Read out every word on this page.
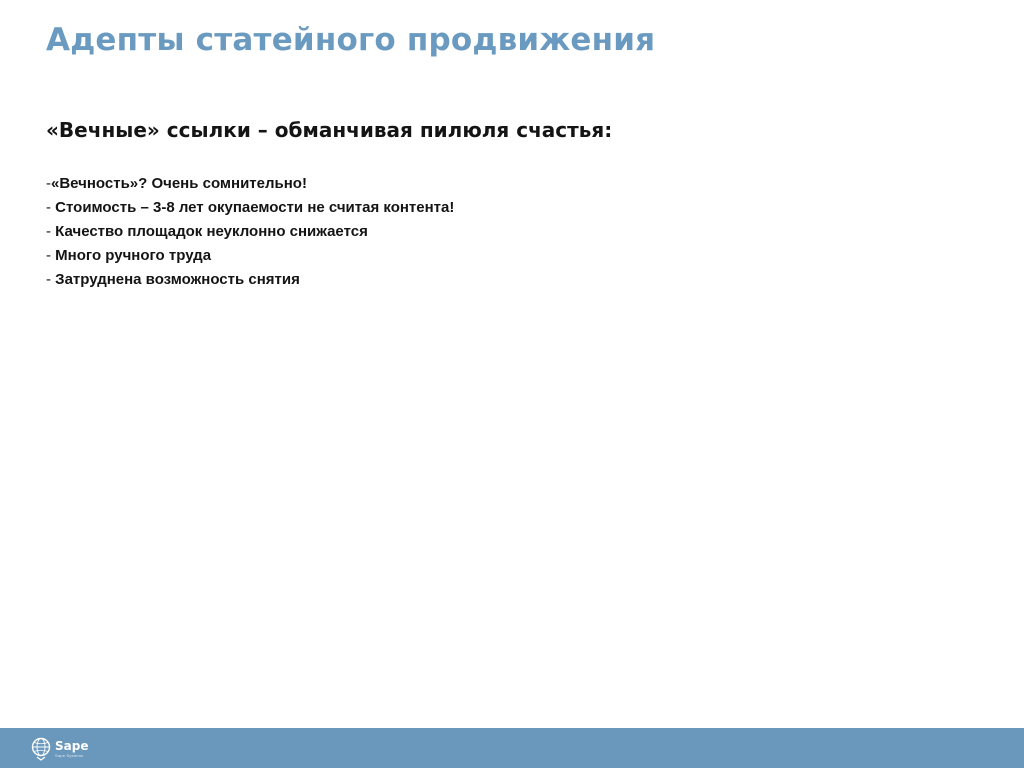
Адепты статейного продвижения
«Вечные» ссылки – обманчивая пилюля счастья:
-«Вечность»? Очень сомнительно!
- Стоимость – 3-8 лет окупаемости не считая контента!
- Качество площадок неуклонно снижается
- Много ручного труда
- Затруднена возможность снятия
Sape
Sape Systems
